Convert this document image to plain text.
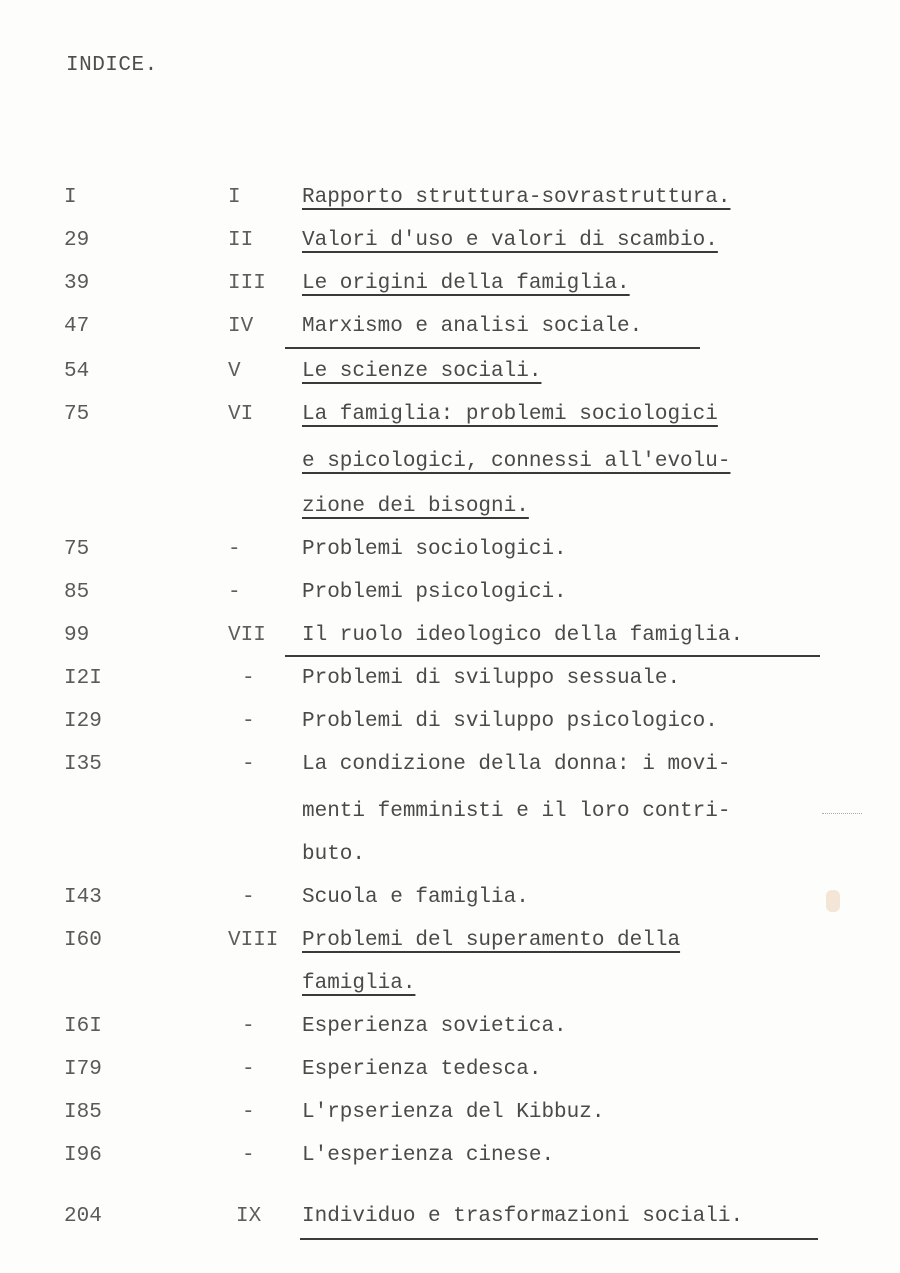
INDICE.
I	I	Rapporto struttura-sovrastruttura.
29	II Valori d'uso e valori di scambio.
39	III Le origini della famiglia.
47	IV Marxismo e analisi sociale.
54	V	Le scienze sociali.
75	VI La famiglia: problemi sociologici
e spicologici, connessi all'evolu-
zione dei bisogni.
75	-	Problemi sociologici.
85	-	Problemi psicologici.
99	VII Il ruolo ideologico della famiglia.
I2I	- Problemi di sviluppo sessuale.
I29	- Problemi di sviluppo psicologico.
I35	- La condizione della donna: i movi-
menti femministi e il loro contri-
buto.
I43	- Scuola e famiglia.
I60	VIII Problemi del superamento della
famiglia.
I6I	- Esperienza sovietica.
I79	- Esperienza tedesca.
I85	- L'rpserienza del Kibbuz.
I96	- L'esperienza cinese.
204	IX Individuo e trasformazioni sociali.
